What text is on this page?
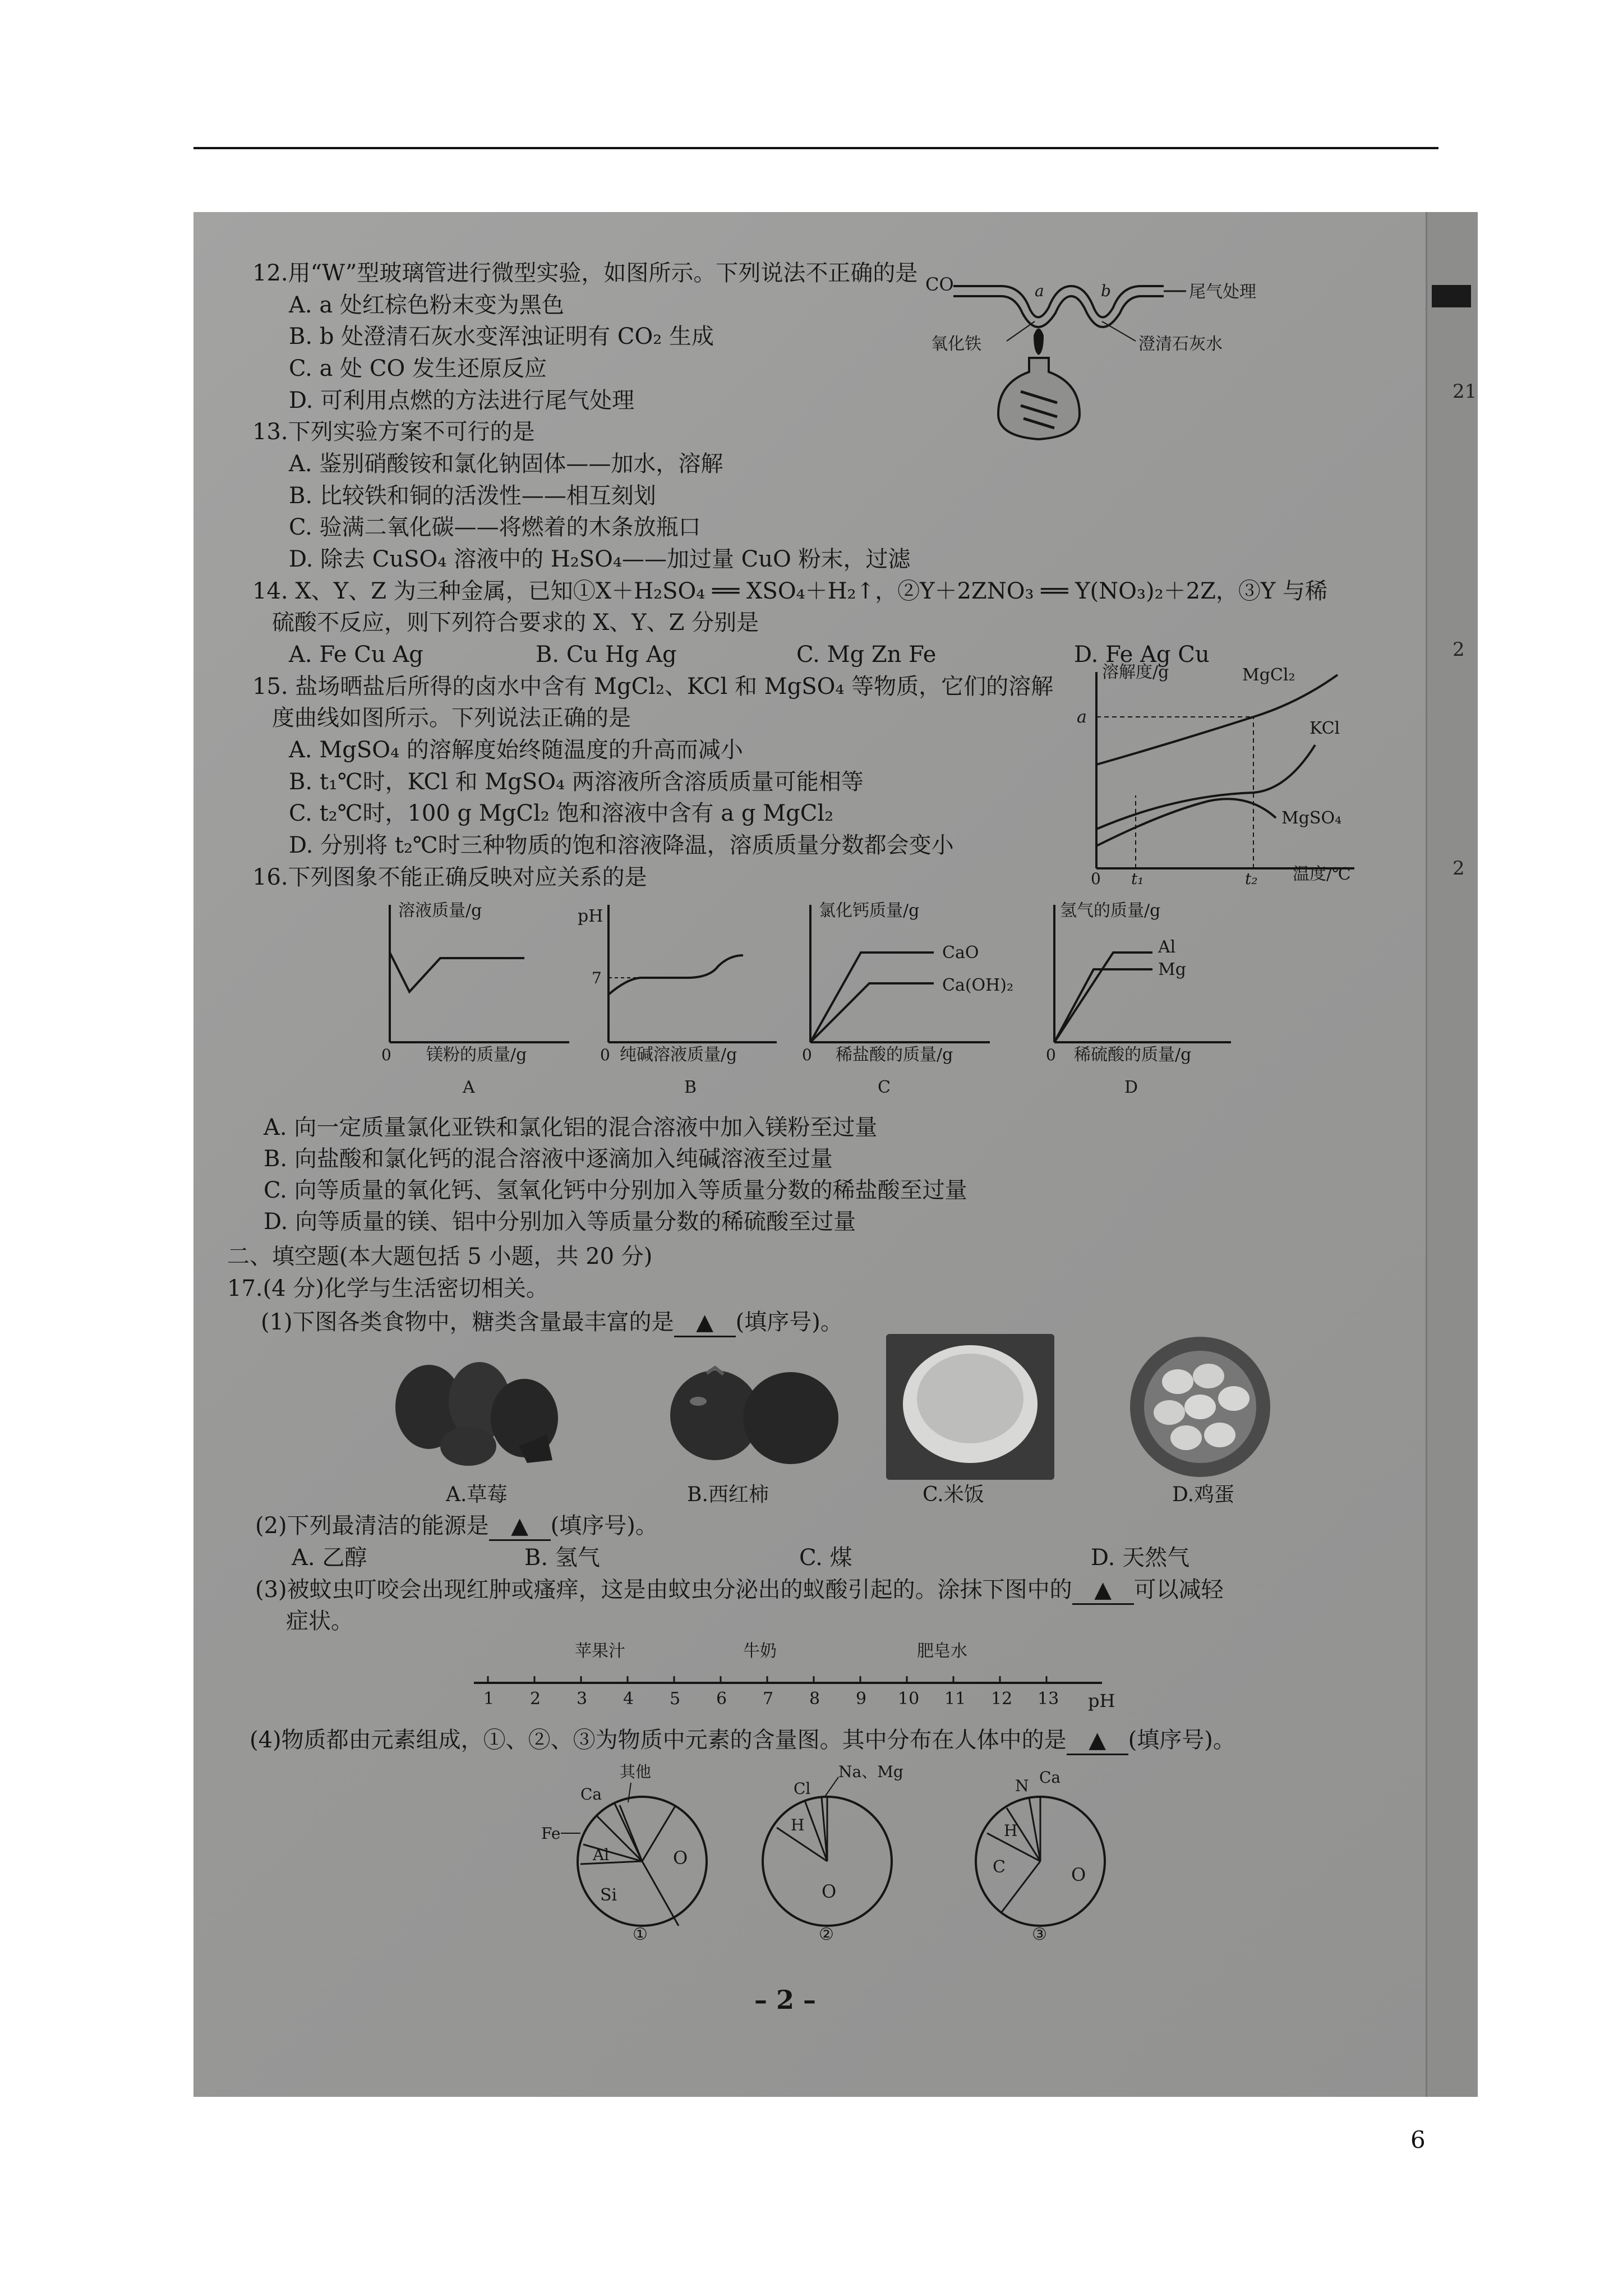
21
2
2
12.用“W”型玻璃管进行微型实验，如图所示。下列说法不正确的是
A. a 处红棕色粉末变为黑色
B. b 处澄清石灰水变浑浊证明有 CO₂ 生成
C. a 处 CO 发生还原反应
D. 可利用点燃的方法进行尾气处理
CO	a	b	尾气处理
氧化铁	澄清石灰水
13.下列实验方案不可行的是
A. 鉴别硝酸铵和氯化钠固体——加水，溶解
B. 比较铁和铜的活泼性——相互刻划
C. 验满二氧化碳——将燃着的木条放瓶口
D. 除去 CuSO₄ 溶液中的 H₂SO₄——加过量 CuO 粉末，过滤
14. X、Y、Z 为三种金属，已知①X＋H₂SO₄ ══ XSO₄＋H₂↑，②Y＋2ZNO₃ ══ Y(NO₃)₂＋2Z，③Y 与稀
硫酸不反应，则下列符合要求的 X、Y、Z 分别是
A. Fe Cu Ag	B. Cu Hg Ag	C. Mg Zn Fe	D. Fe Ag Cu
15. 盐场晒盐后所得的卤水中含有 MgCl₂、KCl 和 MgSO₄ 等物质，它们的溶解
度曲线如图所示。下列说法正确的是
A. MgSO₄ 的溶解度始终随温度的升高而减小
B. t₁℃时，KCl 和 MgSO₄ 两溶液所含溶质质量可能相等
C. t₂℃时，100 g MgCl₂ 饱和溶液中含有 a g MgCl₂
D. 分别将 t₂℃时三种物质的饱和溶液降温，溶质质量分数都会变小
溶解度/g
温度/℃
0 t₁	t₂
a
MgCl₂
KCl
MgSO₄
16.下列图象不能正确反映对应关系的是
溶液质量/g
0 镁粉的质量/g
A
pH
7
0 纯碱溶液质量/g
B
氯化钙质量/g
0 稀盐酸的质量/g
CaO
Ca(OH)₂
C
氢气的质量/g
0 稀硫酸的质量/g
Al
Mg
D
A. 向一定质量氯化亚铁和氯化铝的混合溶液中加入镁粉至过量
B. 向盐酸和氯化钙的混合溶液中逐滴加入纯碱溶液至过量
C. 向等质量的氧化钙、氢氧化钙中分别加入等质量分数的稀盐酸至过量
D. 向等质量的镁、铝中分别加入等质量分数的稀硫酸至过量
二、填空题(本大题包括 5 小题，共 20 分)
17.(4 分)化学与生活密切相关。
(1)下图各类食物中，糖类含量最丰富的是 ▲ (填序号)。
A.草莓	B.西红柿	C.米饭	D.鸡蛋
(2)下列最清洁的能源是 ▲ (填序号)。
A. 乙醇	B. 氢气	C. 煤	D. 天然气
(3)被蚊虫叮咬会出现红肿或瘙痒，这是由蚊虫分泌出的蚁酸引起的。涂抹下图中的 ▲ 可以减轻
症状。
苹果汁	牛奶	肥皂水
1 2 3 4 5 6 7 8 9 10 11 12 13 pH
(4)物质都由元素组成，①、②、③为物质中元素的含量图。其中分布在人体中的是 ▲ (填序号)。
其他
Ca
Fe
Al
Si
O
①
Na、Mg
Cl
H
O
②
N Ca
H
C	O
③
– 2 –
6
